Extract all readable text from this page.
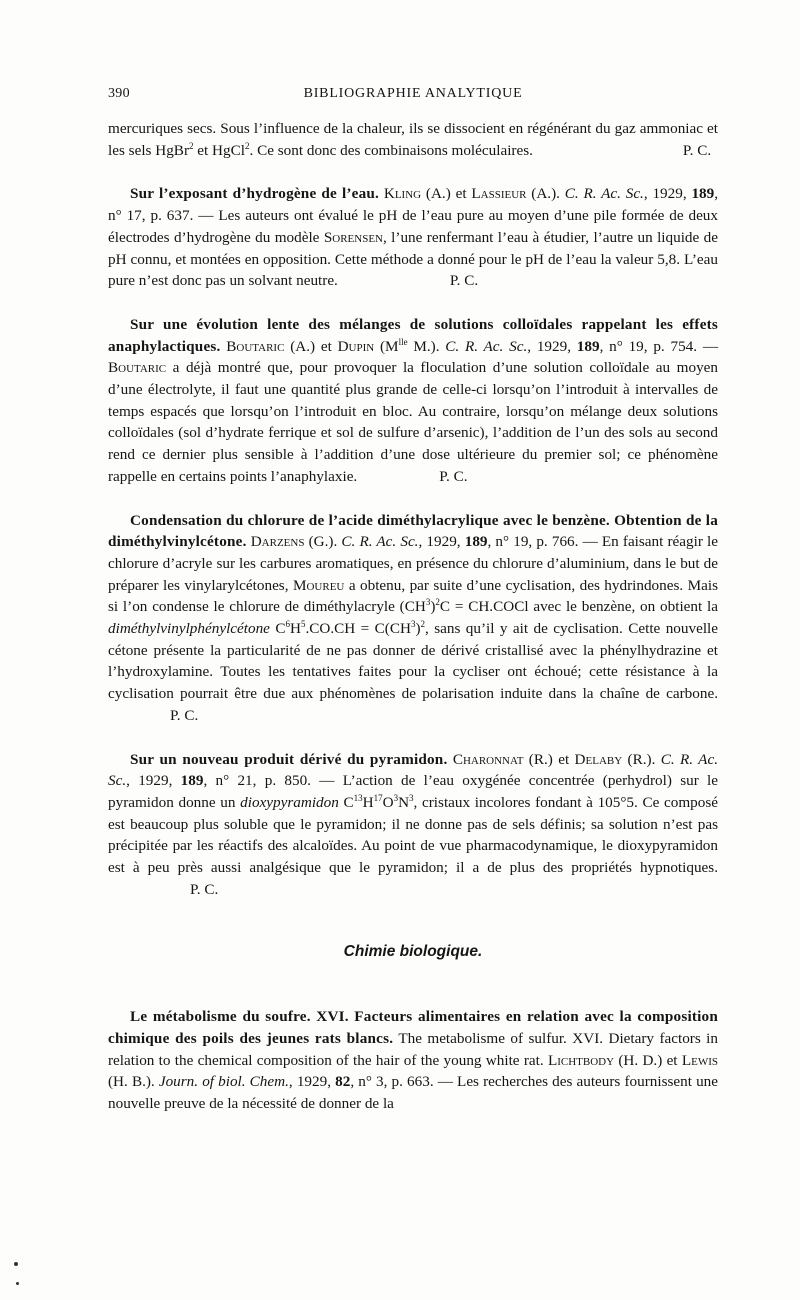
390	BIBLIOGRAPHIE ANALYTIQUE

mercuriques secs. Sous l’influence de la chaleur, ils se dissocient en régénérant du gaz ammoniac et les sels HgBr$^2$ et HgCl$^2$. Ce sont donc des combinaisons moléculaires.	P. C.

Sur l’exposant d’hydrogène de l’eau. Kling (A.) et Lassieur (A.). C. R. Ac. Sc., 1929, 189, n° 17, p. 637. — Les auteurs ont évalué le pH de l’eau pure au moyen d’une pile formée de deux électrodes d’hydrogène du modèle Sorensen, l’une renfermant l’eau à étudier, l’autre un liquide de pH connu, et montées en opposition. Cette méthode a donné pour le pH de l’eau la valeur 5,8. L’eau pure n’est donc pas un solvant neutre.	P. C.

Sur une évolution lente des mélanges de solutions colloïdales rappelant les effets anaphylactiques. Boutaric (A.) et Dupin ($M^{lle}$ M.). C. R. Ac. Sc., 1929, 189, n° 19, p. 754. — Boutaric a déjà montré que, pour provoquer la floculation d’une solution colloïdale au moyen d’une électrolyte, il faut une quantité plus grande de celle-ci lorsqu’on l’introduit à intervalles de temps espacés que lorsqu’on l’introduit en bloc. Au contraire, lorsqu’on mélange deux solutions colloïdales (sol d’hydrate ferrique et sol de sulfure d’arsenic), l’addition de l’un des sols au second rend ce dernier plus sensible à l’addition d’une dose ultérieure du premier sol; ce phénomène rappelle en certains points l’anaphylaxie.	P. C.

Condensation du chlorure de l’acide diméthylacrylique avec le benzène. Obtention de la diméthylvinylcétone. Darzens (G.). C. R. Ac. Sc., 1929, 189, n° 19, p. 766. — En faisant réagir le chlorure d’acryle sur les carbures aromatiques, en présence du chlorure d’aluminium, dans le but de préparer les vinylarylcétones, Moureu a obtenu, par suite d’une cyclisation, des hydrindones. Mais si l’on condense le chlorure de diméthylacryle $(CH^3)^2C$ = CH.COCl avec le benzène, on obtient la diméthylvinylphénylcétone $C^6H^5.CO.CH = C(CH^3)^2$, sans qu’il y ait de cyclisation. Cette nouvelle cétone présente la particularité de ne pas donner de dérivé cristallisé avec la phénylhydrazine et l’hydroxylamine. Toutes les tentatives faites pour la cycliser ont échoué; cette résistance à la cyclisation pourrait être due aux phénomènes de polarisation induite dans la chaîne de carbone.P. C.

Sur un nouveau produit dérivé du pyramidon. Charonnat (R.) et Delaby (R.). C. R. Ac. Sc., 1929, 189, n° 21, p. 850. — L’action de l’eau oxygénée concentrée (perhydrol) sur le pyramidon donne un dioxypyramidon $C^{13}H^{17}O^3N^3$, cristaux incolores fondant à 105°5. Ce composé est beaucoup plus soluble que le pyramidon; il ne donne pas de sels définis; sa solution n’est pas précipitée par les réactifs des alcaloïdes. Au point de vue pharmacodynamique, le dioxypyramidon est à peu près aussi analgésique que le pyramidon; il a de plus des propriétés hypnotiques.P. C.

Chimie biologique.

Le métabolisme du soufre. XVI. Facteurs alimentaires en relation avec la composition chimique des poils des jeunes rats blancs. The metabolisme of sulfur. XVI. Dietary factors in relation to the chemical composition of the hair of the young white rat. Lichtbody (H. D.) et Lewis (H. B.). Journ. of biol. Chem., 1929, 82, n° 3, p. 663. — Les recherches des auteurs fournissent une nouvelle preuve de la nécessité de donner de la
